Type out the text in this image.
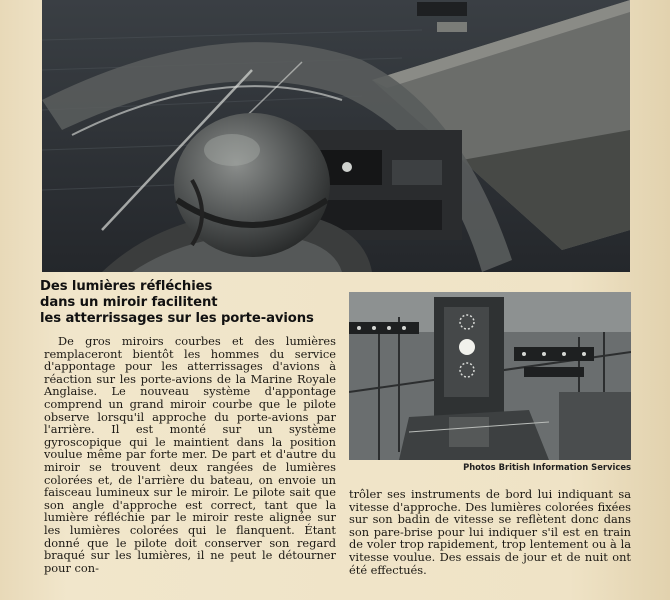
Des lumières réfléchies
dans un miroir facilitent
les atterrissages sur les porte-avions

De gros miroirs courbes et des lumières remplaceront bientôt les hommes du service d'appontage pour les atterrissages d'avions à réaction sur les porte-avions de la Marine Royale Anglaise. Le nouveau système d'appontage comprend un grand miroir courbe que le pilote observe lorsqu'il approche du porte-avions par l'arrière. Il est monté sur un système gyroscopique qui le maintient dans la position voulue même par forte mer. De part et d'autre du miroir se trouvent deux rangées de lumières colorées et, de l'arrière du bateau, on envoie un faisceau lumineux sur le miroir. Le pilote sait que son angle d'approche est correct, tant que la lumière réfléchie par le miroir reste alignée sur les lumières colorées qui le flanquent. Étant donné que le pilote doit conserver son regard braqué sur les lumières, il ne peut le détourner pour con-

Photos British Information Services

trôler ses instruments de bord lui indiquant sa vitesse d'approche. Des lumières colorées fixées sur son badin de vitesse se reflètent donc dans son pare-brise pour lui indiquer s'il est en train de voler trop rapidement, trop lentement ou à la vitesse voulue. Des essais de jour et de nuit ont été effectués.
